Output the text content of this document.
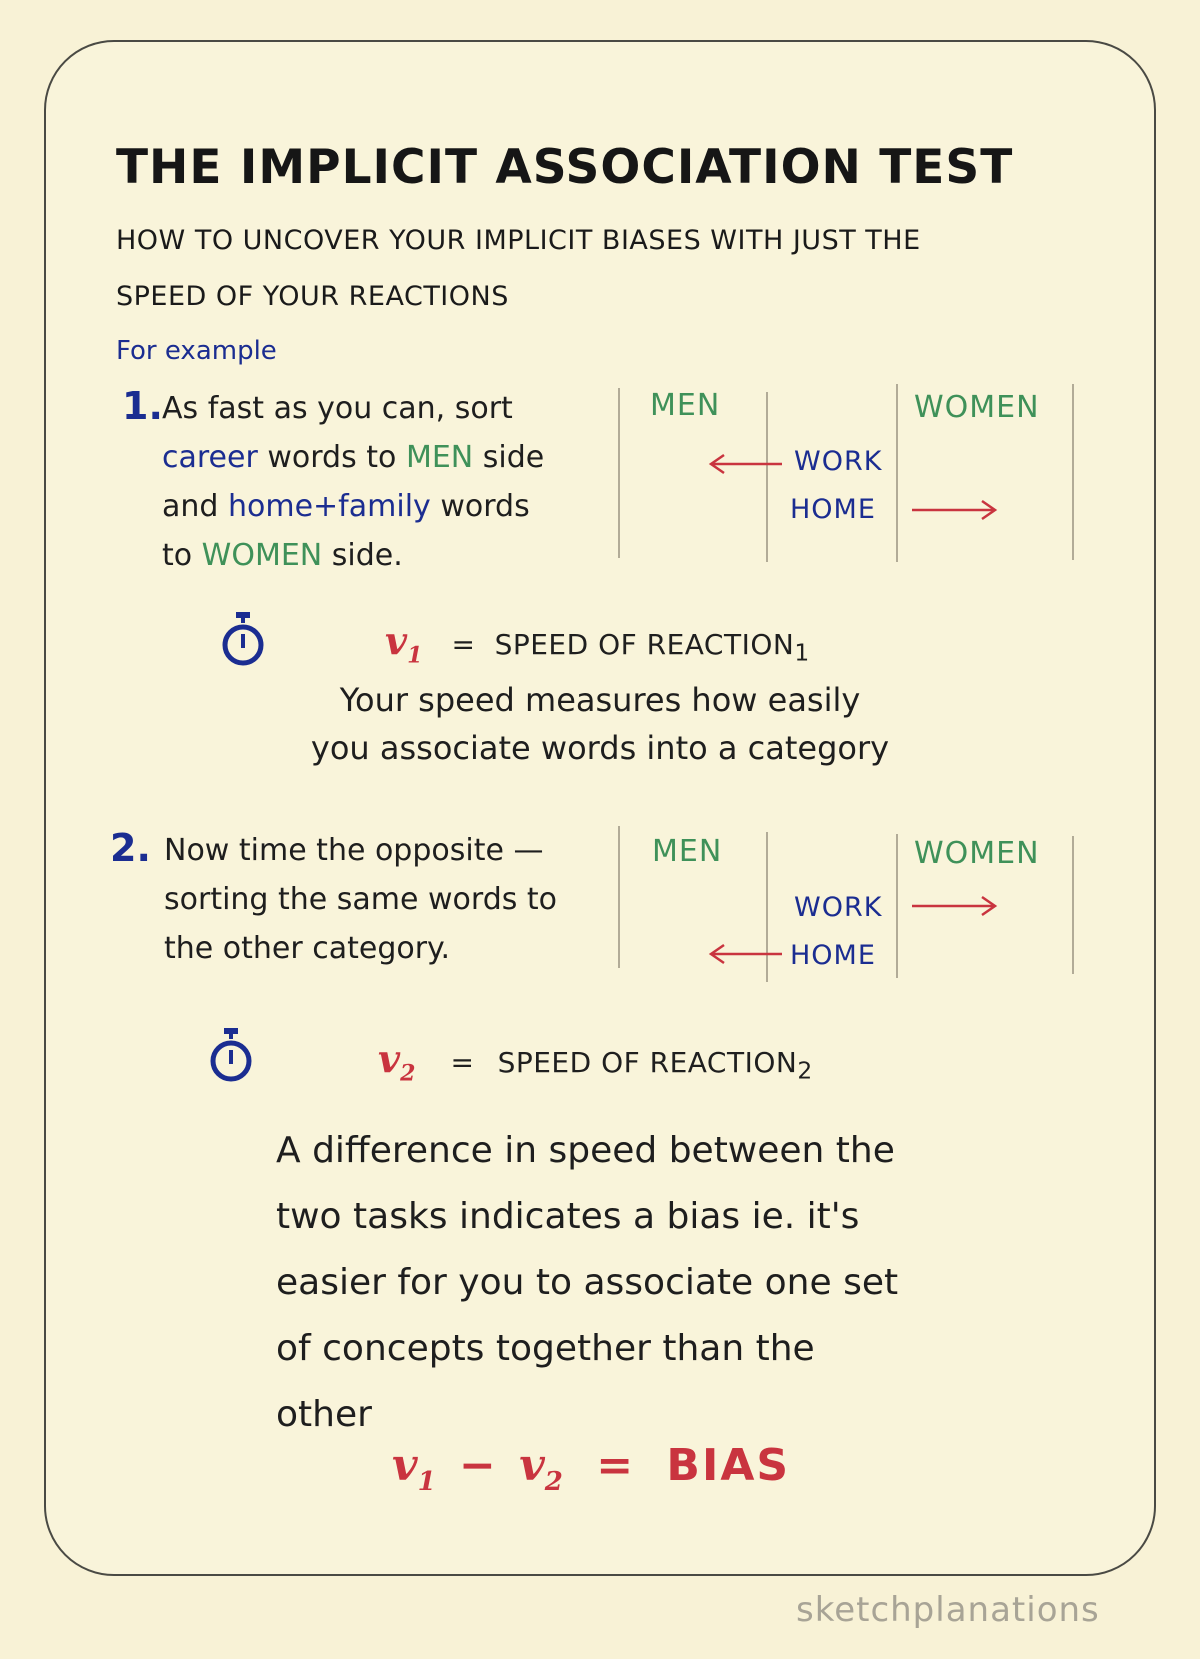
THE IMPLICIT ASSOCIATION TEST
HOW TO UNCOVER YOUR IMPLICIT BIASES WITH JUST THE SPEED OF YOUR REACTIONS
For example
1. As fast as you can, sort
career words to MEN side
and home+family words
to WOMEN side.
MEN	WOMEN
WORK
HOME
$v_1$ = SPEED OF $REACTION_1$
Your speed measures how easily
you associate words into a category
2. Now time the opposite —
sorting the same words to
the other category.
MEN	WOMEN
WORK
HOME
$v_2$ = SPEED OF $REACTION_2$
A difference in speed between the two tasks indicates a bias ie. it's easier for you to associate one set of concepts together than the other
$v_1 - v_2$ = BIAS
sketchplanations
